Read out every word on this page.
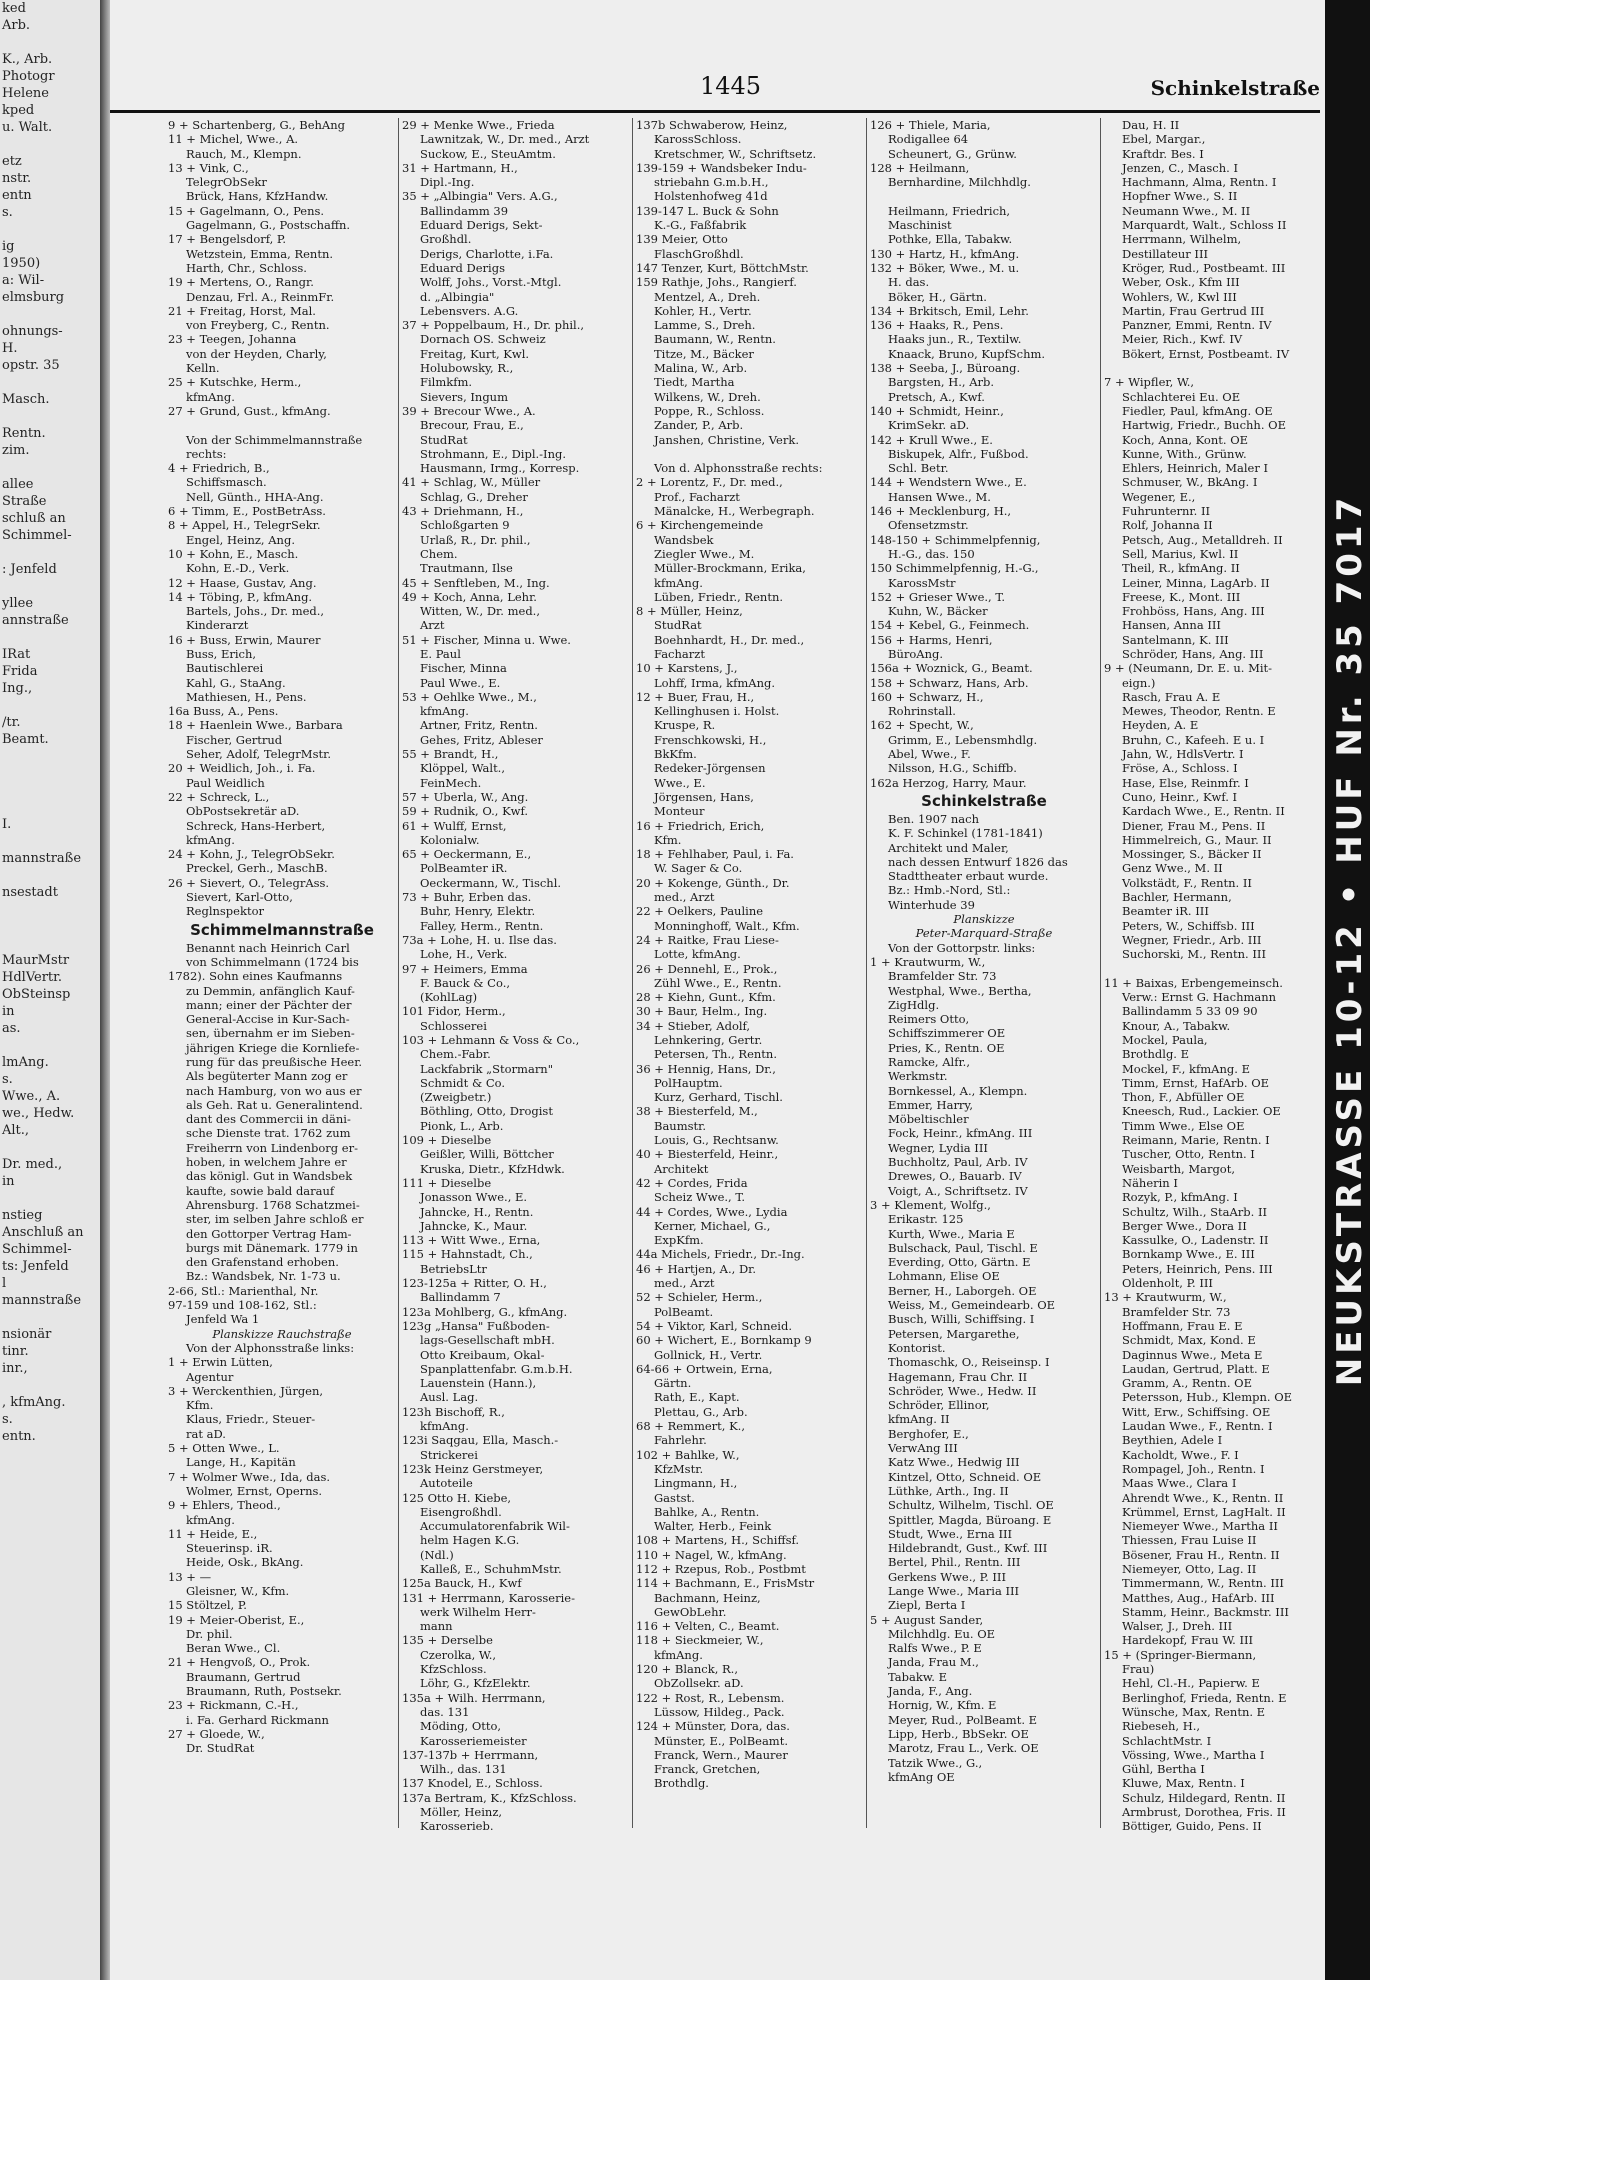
ked
Arb.

K., Arb.
Photogr
Helene
kped
u. Walt.

etz
nstr.
entn
s.

ig
1950)
a: Wil-
elmsburg

ohnungs-
H.
opstr. 35

Masch.

Rentn.
zim.

allee
Straße
schluß an
Schimmel-

: Jenfeld

yllee
annstraße

IRat
Frida
Ing.,

/tr.
Beamt.

I.

mannstraße

nsestadt

MaurMstr
HdlVertr.
ObSteinsp
in
as.

lmAng.
s.
Wwe., A.
we., Hedw.
Alt.,

Dr. med.,
in

nstieg
Anschluß an
Schimmel-
ts: Jenfeld
l
mannstraße

nsionär
tinr.
inr.,

, kfmAng.
s.
entn.
NEUKSTRASSE 10-12 • HUF Nr. 35 7017
1445	Schinkelstraße
9 + Schartenberg, G., BehAng
11 + Michel, Wwe., A.
Rauch, M., Klempn.
13 + Vink, C.,
TelegrObSekr
Brück, Hans, KfzHandw.
15 + Gagelmann, O., Pens.
Gagelmann, G., Postschaffn.
17 + Bengelsdorf, P.
Wetzstein, Emma, Rentn.
Harth, Chr., Schloss.
19 + Mertens, O., Rangr.
Denzau, Frl. A., ReinmFr.
21 + Freitag, Horst, Mal.
von Freyberg, C., Rentn.
23 + Teegen, Johanna
von der Heyden, Charly,
Kelln.
25 + Kutschke, Herm.,
kfmAng.
27 + Grund, Gust., kfmAng.

Von der Schimmelmannstraße
rechts:
4 + Friedrich, B.,
Schiffsmasch.
Nell, Günth., HHA-Ang.
6 + Timm, E., PostBetrAss.
8 + Appel, H., TelegrSekr.
Engel, Heinz, Ang.
10 + Kohn, E., Masch.
Kohn, E.-D., Verk.
12 + Haase, Gustav, Ang.
14 + Töbing, P., kfmAng.
Bartels, Johs., Dr. med.,
Kinderarzt
16 + Buss, Erwin, Maurer
Buss, Erich,
Bautischlerei
Kahl, G., StaAng.
Mathiesen, H., Pens.
16a Buss, A., Pens.
18 + Haenlein Wwe., Barbara
Fischer, Gertrud
Seher, Adolf, TelegrMstr.
20 + Weidlich, Joh., i. Fa.
Paul Weidlich
22 + Schreck, L.,
ObPostsekretär aD.
Schreck, Hans-Herbert,
kfmAng.
24 + Kohn, J., TelegrObSekr.
Preckel, Gerh., MaschB.
26 + Sievert, O., TelegrAss.
Sievert, Karl-Otto,
Reglnspektor
Schimmelmannstraße
Benannt nach Heinrich Carl
von Schimmelmann (1724 bis
1782). Sohn eines Kaufmanns
zu Demmin, anfänglich Kauf-
mann; einer der Pächter der
General-Accise in Kur-Sach-
sen, übernahm er im Sieben-
jährigen Kriege die Kornliefe-
rung für das preußische Heer.
Als begüterter Mann zog er
nach Hamburg, von wo aus er
als Geh. Rat u. Generalintend.
dant des Commercii in däni-
sche Dienste trat. 1762 zum
Freiherrn von Lindenborg er-
hoben, in welchem Jahre er
das königl. Gut in Wandsbek
kaufte, sowie bald darauf
Ahrensburg. 1768 Schatzmei-
ster, im selben Jahre schloß er
den Gottorper Vertrag Ham-
burgs mit Dänemark. 1779 in
den Grafenstand erhoben.
Bz.: Wandsbek, Nr. 1-73 u.
2-66, Stl.: Marienthal, Nr.
97-159 und 108-162, Stl.:
Jenfeld Wa 1
Planskizze Rauchstraße
Von der Alphonsstraße links:
1 + Erwin Lütten,
Agentur
3 + Werckenthien, Jürgen,
Kfm.
Klaus, Friedr., Steuer-
rat aD.
5 + Otten Wwe., L.
Lange, H., Kapitän
7 + Wolmer Wwe., Ida, das.
Wolmer, Ernst, Operns.
9 + Ehlers, Theod.,
kfmAng.
11 + Heide, E.,
Steuerinsp. iR.
Heide, Osk., BkAng.
13 + —
Gleisner, W., Kfm.
15 Stöltzel, P.
19 + Meier-Oberist, E.,
Dr. phil.
Beran Wwe., Cl.
21 + Hengvoß, O., Prok.
Braumann, Gertrud
Braumann, Ruth, Postsekr.
23 + Rickmann, C.-H.,
i. Fa. Gerhard Rickmann
27 + Gloede, W.,
Dr. StudRat
29 + Menke Wwe., Frieda
Lawnitzak, W., Dr. med., Arzt
Suckow, E., SteuAmtm.
31 + Hartmann, H.,
Dipl.-Ing.
35 + „Albingia" Vers. A.G.,
Ballindamm 39
Eduard Derigs, Sekt-
Großhdl.
Derigs, Charlotte, i.Fa.
Eduard Derigs
Wolff, Johs., Vorst.-Mtgl.
d. „Albingia"
Lebensvers. A.G.
37 + Poppelbaum, H., Dr. phil.,
Dornach OS. Schweiz
Freitag, Kurt, Kwl.
Holubowsky, R.,
Filmkfm.
Sievers, Ingum
39 + Brecour Wwe., A.
Brecour, Frau, E.,
StudRat
Strohmann, E., Dipl.-Ing.
Hausmann, Irmg., Korresp.
41 + Schlag, W., Müller
Schlag, G., Dreher
43 + Driehmann, H.,
Schloßgarten 9
Urlaß, R., Dr. phil.,
Chem.
Trautmann, Ilse
45 + Senftleben, M., Ing.
49 + Koch, Anna, Lehr.
Witten, W., Dr. med.,
Arzt
51 + Fischer, Minna u. Wwe.
E. Paul
Fischer, Minna
Paul Wwe., E.
53 + Oehlke Wwe., M.,
kfmAng.
Artner, Fritz, Rentn.
Gehes, Fritz, Ableser
55 + Brandt, H.,
Klöppel, Walt.,
FeinMech.
57 + Uberla, W., Ang.
59 + Rudnik, O., Kwf.
61 + Wulff, Ernst,
Kolonialw.
65 + Oeckermann, E.,
PolBeamter iR.
Oeckermann, W., Tischl.
73 + Buhr, Erben das.
Buhr, Henry, Elektr.
Falley, Herm., Rentn.
73a + Lohe, H. u. Ilse das.
Lohe, H., Verk.
97 + Heimers, Emma
F. Bauck & Co.,
(KohlLag)
101 Fidor, Herm.,
Schlosserei
103 + Lehmann & Voss & Co.,
Chem.-Fabr.
Lackfabrik „Stormarn"
Schmidt & Co.
(Zweigbetr.)
Böthling, Otto, Drogist
Pionk, L., Arb.
109 + Dieselbe
Geißler, Willi, Böttcher
Kruska, Dietr., KfzHdwk.
111 + Dieselbe
Jonasson Wwe., E.
Jahncke, H., Rentn.
Jahncke, K., Maur.
113 + Witt Wwe., Erna,
115 + Hahnstadt, Ch.,
BetriebsLtr
123-125a + Ritter, O. H.,
Ballindamm 7
123a Mohlberg, G., kfmAng.
123g „Hansa" Fußboden-
lags-Gesellschaft mbH.
Otto Kreibaum, Okal-
Spanplattenfabr. G.m.b.H.
Lauenstein (Hann.),
Ausl. Lag.
123h Bischoff, R.,
kfmAng.
123i Saqgau, Ella, Masch.-
Strickerei
123k Heinz Gerstmeyer,
Autoteile
125 Otto H. Kiebe,
Eisengroßhdl.
Accumulatorenfabrik Wil-
helm Hagen K.G.
(Ndl.)
Kalleß, E., SchuhmMstr.
125a Bauck, H., Kwf
131 + Herrmann, Karosserie-
werk Wilhelm Herr-
mann
135 + Derselbe
Czerolka, W.,
KfzSchloss.
Löhr, G., KfzElektr.
135a + Wilh. Herrmann,
das. 131
Möding, Otto,
Karosseriemeister
137-137b + Herrmann,
Wilh., das. 131
137 Knodel, E., Schloss.
137a Bertram, K., KfzSchloss.
Möller, Heinz,
Karosserieb.
137b Schwaberow, Heinz,
KarossSchloss.
Kretschmer, W., Schriftsetz.
139-159 + Wandsbeker Indu-
striebahn G.m.b.H.,
Holstenhofweg 41d
139-147 L. Buck & Sohn
K.-G., Faßfabrik
139 Meier, Otto
FlaschGroßhdl.
147 Tenzer, Kurt, BöttchMstr.
159 Rathje, Johs., Rangierf.
Mentzel, A., Dreh.
Kohler, H., Vertr.
Lamme, S., Dreh.
Baumann, W., Rentn.
Titze, M., Bäcker
Malina, W., Arb.
Tiedt, Martha
Wilkens, W., Dreh.
Poppe, R., Schloss.
Zander, P., Arb.
Janshen, Christine, Verk.

Von d. Alphonsstraße rechts:
2 + Lorentz, F., Dr. med.,
Prof., Facharzt
Mänalcke, H., Werbegraph.
6 + Kirchengemeinde
Wandsbek
Ziegler Wwe., M.
Müller-Brockmann, Erika,
kfmAng.
Lüben, Friedr., Rentn.
8 + Müller, Heinz,
StudRat
Boehnhardt, H., Dr. med.,
Facharzt
10 + Karstens, J.,
Lohff, Irma, kfmAng.
12 + Buer, Frau, H.,
Kellinghusen i. Holst.
Kruspe, R.
Frenschkowski, H.,
BkKfm.
Redeker-Jörgensen
Wwe., E.
Jörgensen, Hans,
Monteur
16 + Friedrich, Erich,
Kfm.
18 + Fehlhaber, Paul, i. Fa.
W. Sager & Co.
20 + Kokenge, Günth., Dr.
med., Arzt
22 + Oelkers, Pauline
Monninghoff, Walt., Kfm.
24 + Raitke, Frau Liese-
Lotte, kfmAng.
26 + Dennehl, E., Prok.,
Zühl Wwe., E., Rentn.
28 + Kiehn, Gunt., Kfm.
30 + Baur, Helm., Ing.
34 + Stieber, Adolf,
Lehnkering, Gertr.
Petersen, Th., Rentn.
36 + Hennig, Hans, Dr.,
PolHauptm.
Kurz, Gerhard, Tischl.
38 + Biesterfeld, M.,
Baumstr.
Louis, G., Rechtsanw.
40 + Biesterfeld, Heinr.,
Architekt
42 + Cordes, Frida
Scheiz Wwe., T.
44 + Cordes, Wwe., Lydia
Kerner, Michael, G.,
ExpKfm.
44a Michels, Friedr., Dr.-Ing.
46 + Hartjen, A., Dr.
med., Arzt
52 + Schieler, Herm.,
PolBeamt.
54 + Viktor, Karl, Schneid.
60 + Wichert, E., Bornkamp 9
Gollnick, H., Vertr.
64-66 + Ortwein, Erna,
Gärtn.
Rath, E., Kapt.
Plettau, G., Arb.
68 + Remmert, K.,
Fahrlehr.
102 + Bahlke, W.,
KfzMstr.
Lingmann, H.,
Gastst.
Bahlke, A., Rentn.
Walter, Herb., Feink
108 + Martens, H., Schiffsf.
110 + Nagel, W., kfmAng.
112 + Rzepus, Rob., Postbmt
114 + Bachmann, E., FrisMstr
Bachmann, Heinz,
GewObLehr.
116 + Velten, C., Beamt.
118 + Sieckmeier, W.,
kfmAng.
120 + Blanck, R.,
ObZollsekr. aD.
122 + Rost, R., Lebensm.
Lüssow, Hildeg., Pack.
124 + Münster, Dora, das.
Münster, E., PolBeamt.
Franck, Wern., Maurer
Franck, Gretchen,
Brothdlg.
126 + Thiele, Maria,
Rodigallee 64
Scheunert, G., Grünw.
128 + Heilmann,
Bernhardine, Milchhdlg.

Heilmann, Friedrich,
Maschinist
Pothke, Ella, Tabakw.
130 + Hartz, H., kfmAng.
132 + Böker, Wwe., M. u.
H. das.
Böker, H., Gärtn.
134 + Brkitsch, Emil, Lehr.
136 + Haaks, R., Pens.
Haaks jun., R., Textilw.
Knaack, Bruno, KupfSchm.
138 + Seeba, J., Büroang.
Bargsten, H., Arb.
Pretsch, A., Kwf.
140 + Schmidt, Heinr.,
KrimSekr. aD.
142 + Krull Wwe., E.
Biskupek, Alfr., Fußbod.
Schl. Betr.
144 + Wendstern Wwe., E.
Hansen Wwe., M.
146 + Mecklenburg, H.,
Ofensetzmstr.
148-150 + Schimmelpfennig,
H.-G., das. 150
150 Schimmelpfennig, H.-G.,
KarossMstr
152 + Grieser Wwe., T.
Kuhn, W., Bäcker
154 + Kebel, G., Feinmech.
156 + Harms, Henri,
BüroAng.
156a + Woznick, G., Beamt.
158 + Schwarz, Hans, Arb.
160 + Schwarz, H.,
Rohrinstall.
162 + Specht, W.,
Grimm, E., Lebensmhdlg.
Abel, Wwe., F.
Nilsson, H.G., Schiffb.
162a Herzog, Harry, Maur.
Schinkelstraße
Ben. 1907 nach
K. F. Schinkel (1781-1841)
Architekt und Maler,
nach dessen Entwurf 1826 das
Stadttheater erbaut wurde.
Bz.: Hmb.-Nord, Stl.:
Winterhude 39
Planskizze
Peter-Marquard-Straße
Von der Gottorpstr. links:
1 + Krautwurm, W.,
Bramfelder Str. 73
Westphal, Wwe., Bertha,
ZigHdlg.
Reimers Otto,
Schiffszimmerer OE
Pries, K., Rentn. OE
Ramcke, Alfr.,
Werkmstr.
Bornkessel, A., Klempn.
Emmer, Harry,
Möbeltischler
Fock, Heinr., kfmAng. III
Wegner, Lydia III
Buchholtz, Paul, Arb. IV
Drewes, O., Bauarb. IV
Voigt, A., Schriftsetz. IV
3 + Klement, Wolfg.,
Erikastr. 125
Kurth, Wwe., Maria E
Bulschack, Paul, Tischl. E
Everding, Otto, Gärtn. E
Lohmann, Elise OE
Berner, H., Laborgeh. OE
Weiss, M., Gemeindearb. OE
Busch, Willi, Schiffsing. I
Petersen, Margarethe,
Kontorist.
Thomaschk, O., Reiseinsp. I
Hagemann, Frau Chr. II
Schröder, Wwe., Hedw. II
Schröder, Ellinor,
kfmAng. II
Berghofer, E.,
VerwAng III
Katz Wwe., Hedwig III
Kintzel, Otto, Schneid. OE
Lüthke, Arth., Ing. II
Schultz, Wilhelm, Tischl. OE
Spittler, Magda, Büroang. E
Studt, Wwe., Erna III
Hildebrandt, Gust., Kwf. III
Bertel, Phil., Rentn. III
Gerkens Wwe., P. III
Lange Wwe., Maria III
Ziepl, Berta I
5 + August Sander,
Milchhdlg. Eu. OE
Ralfs Wwe., P. E
Janda, Frau M.,
Tabakw. E
Janda, F., Ang.
Hornig, W., Kfm. E
Meyer, Rud., PolBeamt. E
Lipp, Herb., BbSekr. OE
Marotz, Frau L., Verk. OE
Tatzik Wwe., G.,
kfmAng OE
Dau, H. II
Ebel, Margar.,
Kraftdr. Bes. I
Jenzen, C., Masch. I
Hachmann, Alma, Rentn. I
Hopfner Wwe., S. II
Neumann Wwe., M. II
Marquardt, Walt., Schloss II
Herrmann, Wilhelm,
Destillateur III
Kröger, Rud., Postbeamt. III
Weber, Osk., Kfm III
Wohlers, W., Kwl III
Martin, Frau Gertrud III
Panzner, Emmi, Rentn. IV
Meier, Rich., Kwf. IV
Bökert, Ernst, Postbeamt. IV

7 + Wipfler, W.,
Schlachterei Eu. OE
Fiedler, Paul, kfmAng. OE
Hartwig, Friedr., Buchh. OE
Koch, Anna, Kont. OE
Kunne, With., Grünw.
Ehlers, Heinrich, Maler I
Schmuser, W., BkAng. I
Wegener, E.,
Fuhrunternr. II
Rolf, Johanna II
Petsch, Aug., Metalldreh. II
Sell, Marius, Kwl. II
Theil, R., kfmAng. II
Leiner, Minna, LagArb. II
Freese, K., Mont. III
Frohböss, Hans, Ang. III
Hansen, Anna III
Santelmann, K. III
Schröder, Hans, Ang. III
9 + (Neumann, Dr. E. u. Mit-
eign.)
Rasch, Frau A. E
Mewes, Theodor, Rentn. E
Heyden, A. E
Bruhn, C., Kafeeh. E u. I
Jahn, W., HdlsVertr. I
Fröse, A., Schloss. I
Hase, Else, Reinmfr. I
Cuno, Heinr., Kwf. I
Kardach Wwe., E., Rentn. II
Diener, Frau M., Pens. II
Himmelreich, G., Maur. II
Mossinger, S., Bäcker II
Genz Wwe., M. II
Volkstädt, F., Rentn. II
Bachler, Hermann,
Beamter iR. III
Peters, W., Schiffsb. III
Wegner, Friedr., Arb. III
Suchorski, M., Rentn. III

11 + Baixas, Erbengemeinsch.
Verw.: Ernst G. Hachmann
Ballindamm 5 33 09 90
Knour, A., Tabakw.
Mockel, Paula,
Brothdlg. E
Mockel, F., kfmAng. E
Timm, Ernst, HafArb. OE
Thon, F., Abfüller OE
Kneesch, Rud., Lackier. OE
Timm Wwe., Else OE
Reimann, Marie, Rentn. I
Tuscher, Otto, Rentn. I
Weisbarth, Margot,
Näherin I
Rozyk, P., kfmAng. I
Schultz, Wilh., StaArb. II
Berger Wwe., Dora II
Kassulke, O., Ladenstr. II
Bornkamp Wwe., E. III
Peters, Heinrich, Pens. III
Oldenholt, P. III
13 + Krautwurm, W.,
Bramfelder Str. 73
Hoffmann, Frau E. E
Schmidt, Max, Kond. E
Daginnus Wwe., Meta E
Laudan, Gertrud, Platt. E
Gramm, A., Rentn. OE
Petersson, Hub., Klempn. OE
Witt, Erw., Schiffsing. OE
Laudan Wwe., F., Rentn. I
Beythien, Adele I
Kacholdt, Wwe., F. I
Rompagel, Joh., Rentn. I
Maas Wwe., Clara I
Ahrendt Wwe., K., Rentn. II
Krümmel, Ernst, LagHalt. II
Niemeyer Wwe., Martha II
Thiessen, Frau Luise II
Bösener, Frau H., Rentn. II
Niemeyer, Otto, Lag. II
Timmermann, W., Rentn. III
Matthes, Aug., HafArb. III
Stamm, Heinr., Backmstr. III
Walser, J., Dreh. III
Hardekopf, Frau W. III
15 + (Springer-Biermann,
Frau)
Hehl, Cl.-H., Papierw. E
Berlinghof, Frieda, Rentn. E
Wünsche, Max, Rentn. E
Riebeseh, H.,
SchlachtMstr. I
Vössing, Wwe., Martha I
Gühl, Bertha I
Kluwe, Max, Rentn. I
Schulz, Hildegard, Rentn. II
Armbrust, Dorothea, Fris. II
Böttiger, Guido, Pens. II
